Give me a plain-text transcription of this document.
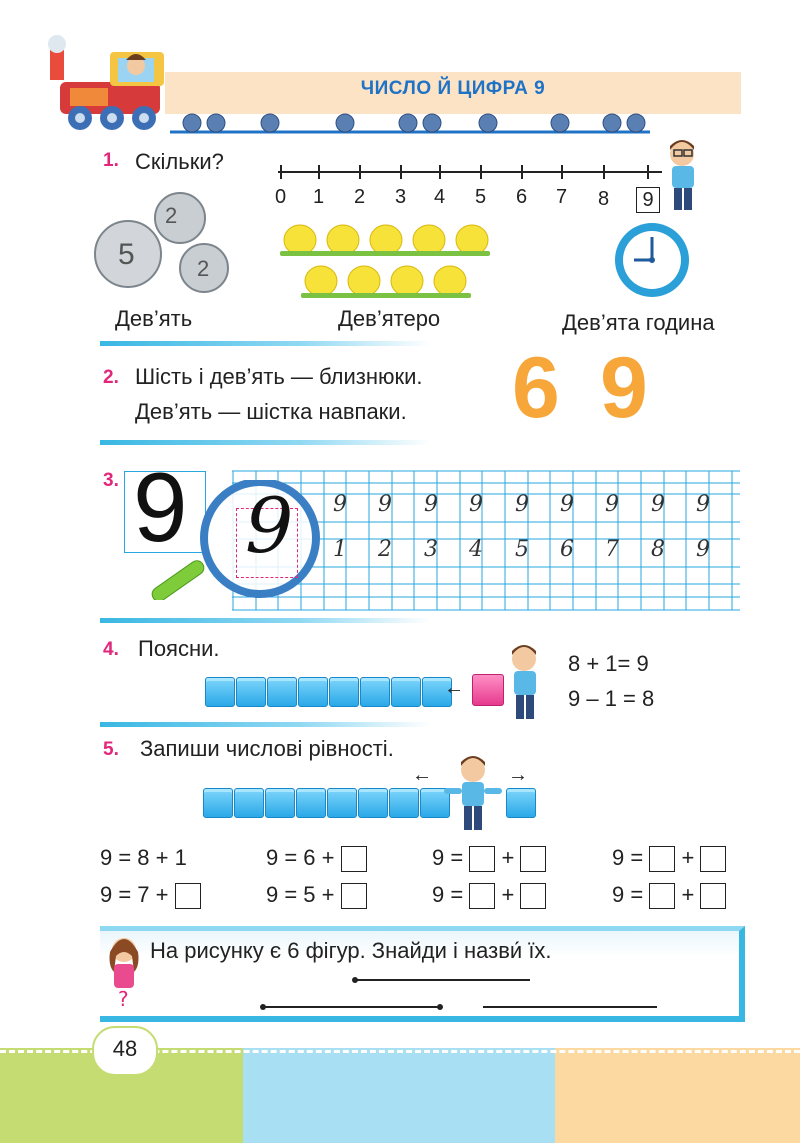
ЧИСЛО Й ЦИФРА 9
1. Скільки?
0 1 2 3 4 5 6 7 8	9
2
5	2
Дев’ять	Дев’ятеро	Дев’ята година
2. Шість і дев’ять — близнюки.
Дев’ять — шістка навпаки. 6 9
3. 9 9 9 9 9 9 9 9 9 9 9
1 2 3 4 5 6 7 8 9
4. Поясни.
←
8 + 1= 9
9 – 1 = 8
5. Запиши числові рівності.
←	→
9 = 8 + 1	9 = 6 +	9 = +	9 = +
9 = 7 +	9 = 5 +	9 = +	9 = +
?
На рисунку є 6 фігур. Знайди і назви́ їх.
48
